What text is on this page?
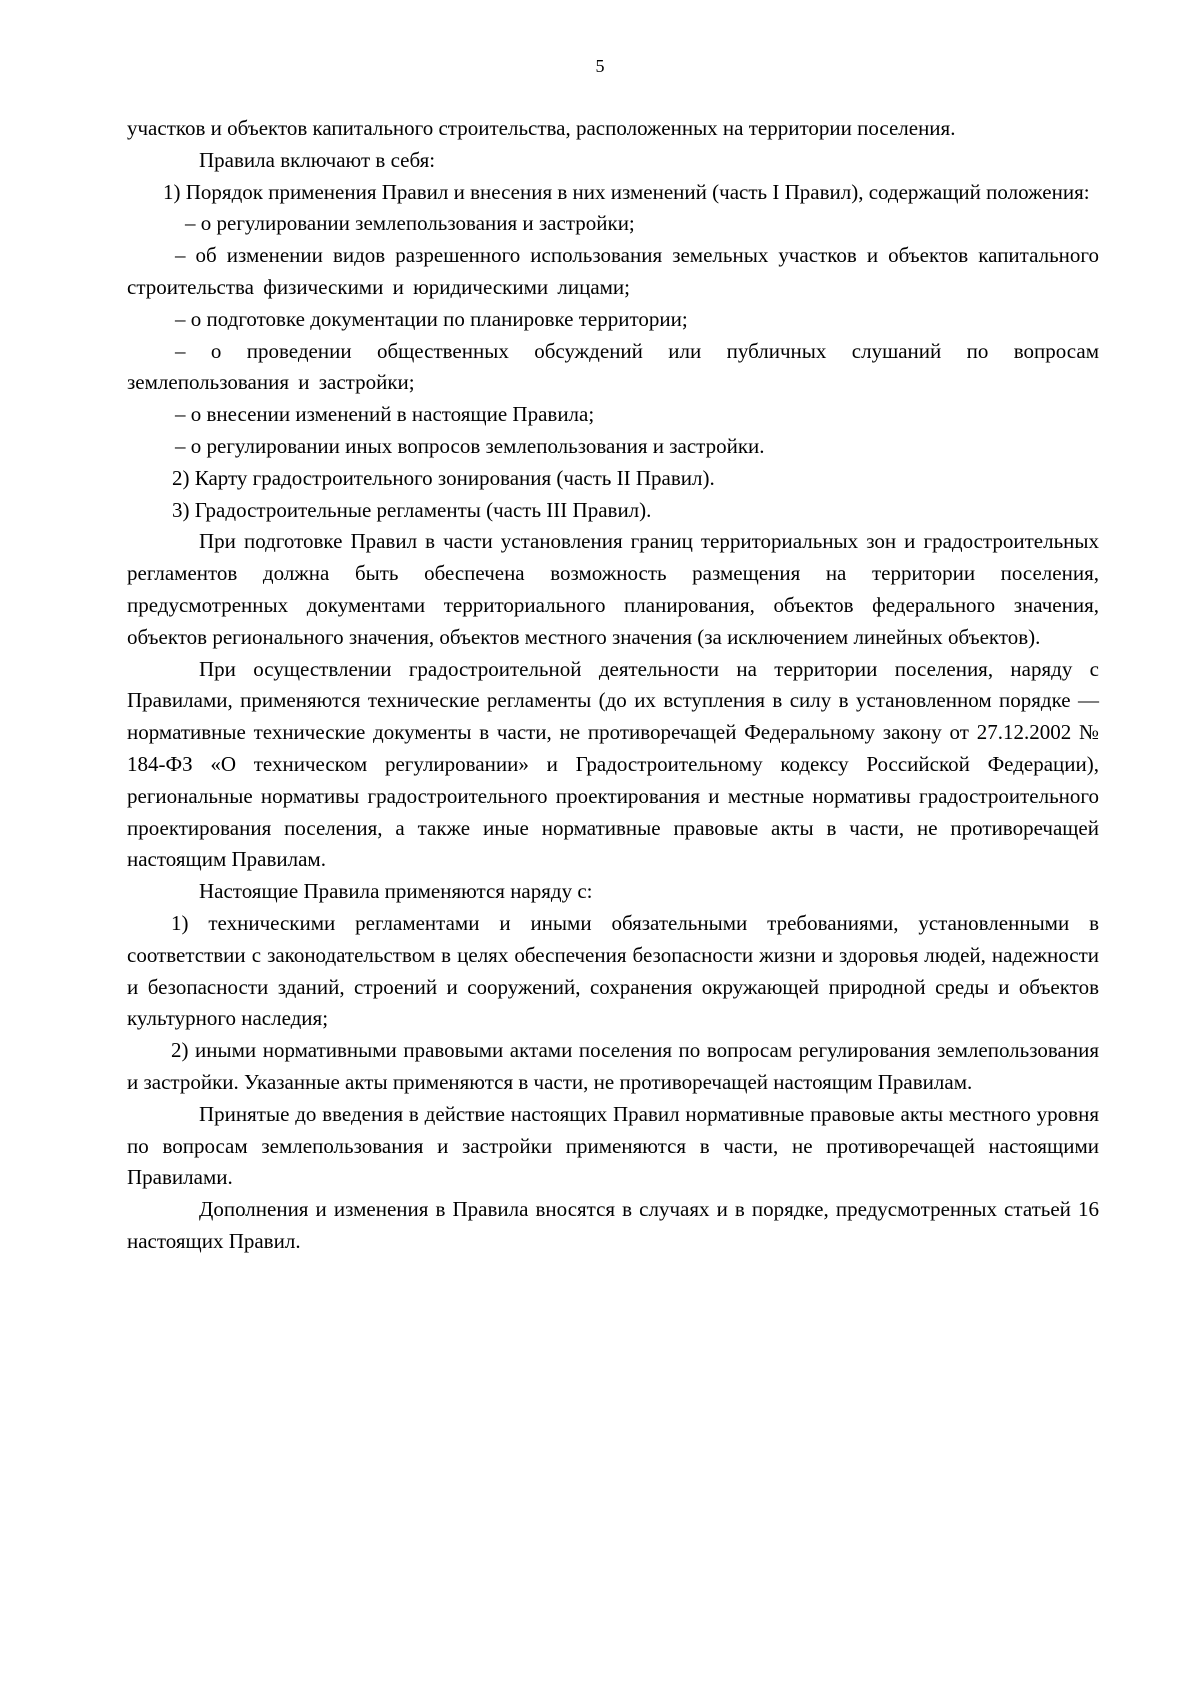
5

участков и объектов капитального строительства, расположенных на территории поселения.

Правила включают в себя:

1) Порядок применения Правил и внесения в них изменений (часть I Правил), содержащий положения:

– о регулировании землепользования и застройки;

– об изменении видов разрешенного использования земельных участков и объектов капитального строительства физическими и юридическими лицами;

– о подготовке документации по планировке территории;

– о проведении общественных обсуждений или публичных слушаний по вопросам землепользования и застройки;

– о внесении изменений в настоящие Правила;

– о регулировании иных вопросов землепользования и застройки.

2) Карту градостроительного зонирования (часть II Правил).

3) Градостроительные регламенты (часть III Правил).

При подготовке Правил в части установления границ территориальных зон и градостроительных регламентов должна быть обеспечена возможность размещения на территории поселения, предусмотренных документами территориального планирования, объектов федерального значения, объектов регионального значения, объектов местного значения (за исключением линейных объектов).

При осуществлении градостроительной деятельности на территории поселения, наряду с Правилами, применяются технические регламенты (до их вступления в силу в установленном порядке — нормативные технические документы в части, не противоречащей Федеральному закону от 27.12.2002 № 184-ФЗ «О техническом регулировании» и Градостроительному кодексу Российской Федерации), региональные нормативы градостроительного проектирования и местные нормативы градостроительного проектирования поселения, а также иные нормативные правовые акты в части, не противоречащей настоящим Правилам.

Настоящие Правила применяются наряду с:

1) техническими регламентами и иными обязательными требованиями, установленными в соответствии с законодательством в целях обеспечения безопасности жизни и здоровья людей, надежности и безопасности зданий, строений и сооружений, сохранения окружающей природной среды и объектов культурного наследия;

2) иными нормативными правовыми актами поселения по вопросам регулирования землепользования и застройки. Указанные акты применяются в части, не противоречащей настоящим Правилам.

Принятые до введения в действие настоящих Правил нормативные правовые акты местного уровня по вопросам землепользования и застройки применяются в части, не противоречащей настоящими Правилами.

Дополнения и изменения в Правила вносятся в случаях и в порядке, предусмотренных статьей 16 настоящих Правил.
